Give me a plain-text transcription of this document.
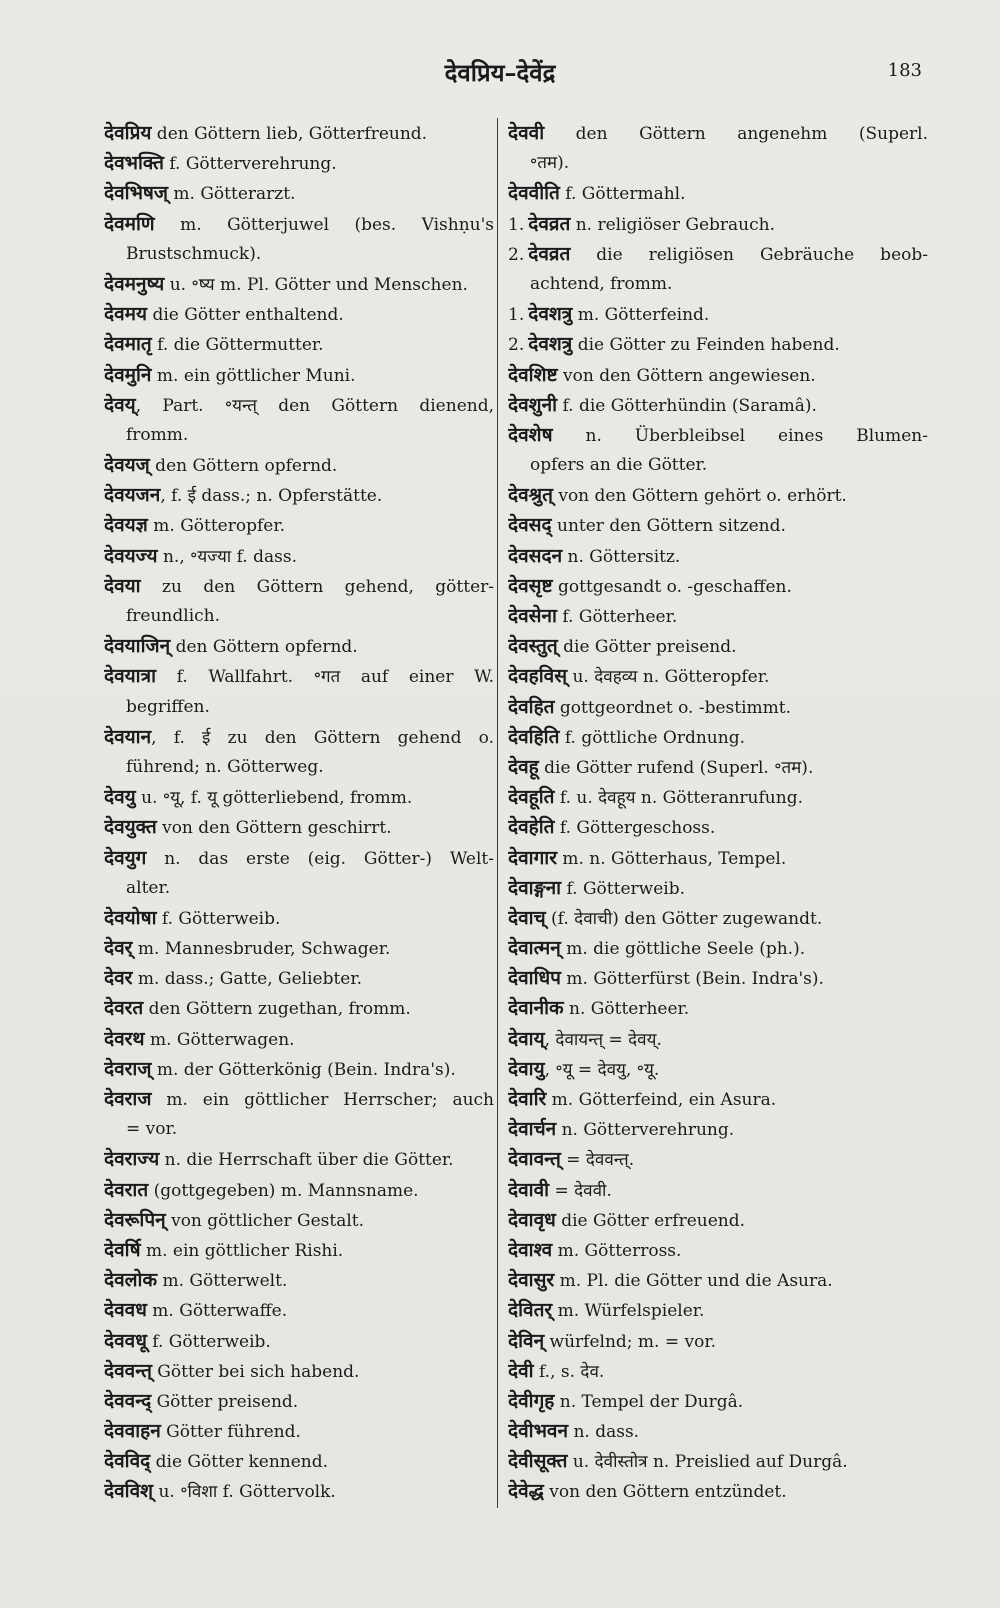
देवप्रिय–देवेंद्र	183
देवप्रिय den Göttern lieb, Götterfreund.
देवभक्ति f. Götterverehrung.
देवभिषज् m. Götterarzt.
देवमणि m. Götterjuwel (bes. Vishṇu's
Brustschmuck).
देवमनुष्य u. ॰ष्य m. Pl. Götter und Menschen.
देवमय die Götter enthaltend.
देवमातृ f. die Göttermutter.
देवमुनि m. ein göttlicher Muni.
देवय्, Part. ॰यन्त् den Göttern dienend,
fromm.
देवयज् den Göttern opfernd.
देवयजन, f. ई dass.; n. Opferstätte.
देवयज्ञ m. Götteropfer.
देवयज्य n., ॰यज्या f. dass.
देवया zu den Göttern gehend, götter-
freundlich.
देवयाजिन् den Göttern opfernd.
देवयात्रा f. Wallfahrt. ॰गत auf einer W.
begriffen.
देवयान, f. ई zu den Göttern gehend o.
führend; n. Götterweg.
देवयु u. ॰यू, f. यू götterliebend, fromm.
देवयुक्त von den Göttern geschirrt.
देवयुग n. das erste (eig. Götter-) Welt-
alter.
देवयोषा f. Götterweib.
देवर् m. Mannesbruder, Schwager.
देवर m. dass.; Gatte, Geliebter.
देवरत den Göttern zugethan, fromm.
देवरथ m. Götterwagen.
देवराज् m. der Götterkönig (Bein. Indra's).
देवराज m. ein göttlicher Herrscher; auch
= vor.
देवराज्य n. die Herrschaft über die Götter.
देवरात (gottgegeben) m. Mannsname.
देवरूपिन् von göttlicher Gestalt.
देवर्षि m. ein göttlicher Rishi.
देवलोक m. Götterwelt.
देववध m. Götterwaffe.
देववधू f. Götterweib.
देववन्त् Götter bei sich habend.
देववन्द् Götter preisend.
देववाहन Götter führend.
देवविद् die Götter kennend.
देवविश् u. ॰विशा f. Göttervolk.
देववी den Göttern angenehm (Superl.
॰तम).
देववीति f. Göttermahl.
1. देवव्रत n. religiöser Gebrauch.
2. देवव्रत die religiösen Gebräuche beob-
achtend, fromm.
1. देवशत्रु m. Götterfeind.
2. देवशत्रु die Götter zu Feinden habend.
देवशिष्ट von den Göttern angewiesen.
देवशुनी f. die Götterhündin (Saramâ).
देवशेष n. Überbleibsel eines Blumen-
opfers an die Götter.
देवश्रुत् von den Göttern gehört o. erhört.
देवसद् unter den Göttern sitzend.
देवसदन n. Göttersitz.
देवसृष्ट gottgesandt o. -geschaffen.
देवसेना f. Götterheer.
देवस्तुत् die Götter preisend.
देवहविस् u. देवहव्य n. Götteropfer.
देवहित gottgeordnet o. -bestimmt.
देवहिति f. göttliche Ordnung.
देवहू die Götter rufend (Superl. ॰तम).
देवहूति f. u. देवहूय n. Götteranrufung.
देवहेति f. Göttergeschoss.
देवागार m. n. Götterhaus, Tempel.
देवाङ्गना f. Götterweib.
देवाच् (f. देवाची) den Götter zugewandt.
देवात्मन् m. die göttliche Seele (ph.).
देवाधिप m. Götterfürst (Bein. Indra's).
देवानीक n. Götterheer.
देवाय्, देवायन्त् = देवय्.
देवायु, ॰यू = देवयु, ॰यू.
देवारि m. Götterfeind, ein Asura.
देवार्चन n. Götterverehrung.
देवावन्त् = देववन्त्.
देवावी = देववी.
देवावृध die Götter erfreuend.
देवाश्व m. Götterross.
देवासुर m. Pl. die Götter und die Asura.
देवितर् m. Würfelspieler.
देविन् würfelnd; m. = vor.
देवी f., s. देव.
देवीगृह n. Tempel der Durgâ.
देवीभवन n. dass.
देवीसूक्त u. देवीस्तोत्र n. Preislied auf Durgâ.
देवेद्ध von den Göttern entzündet.
